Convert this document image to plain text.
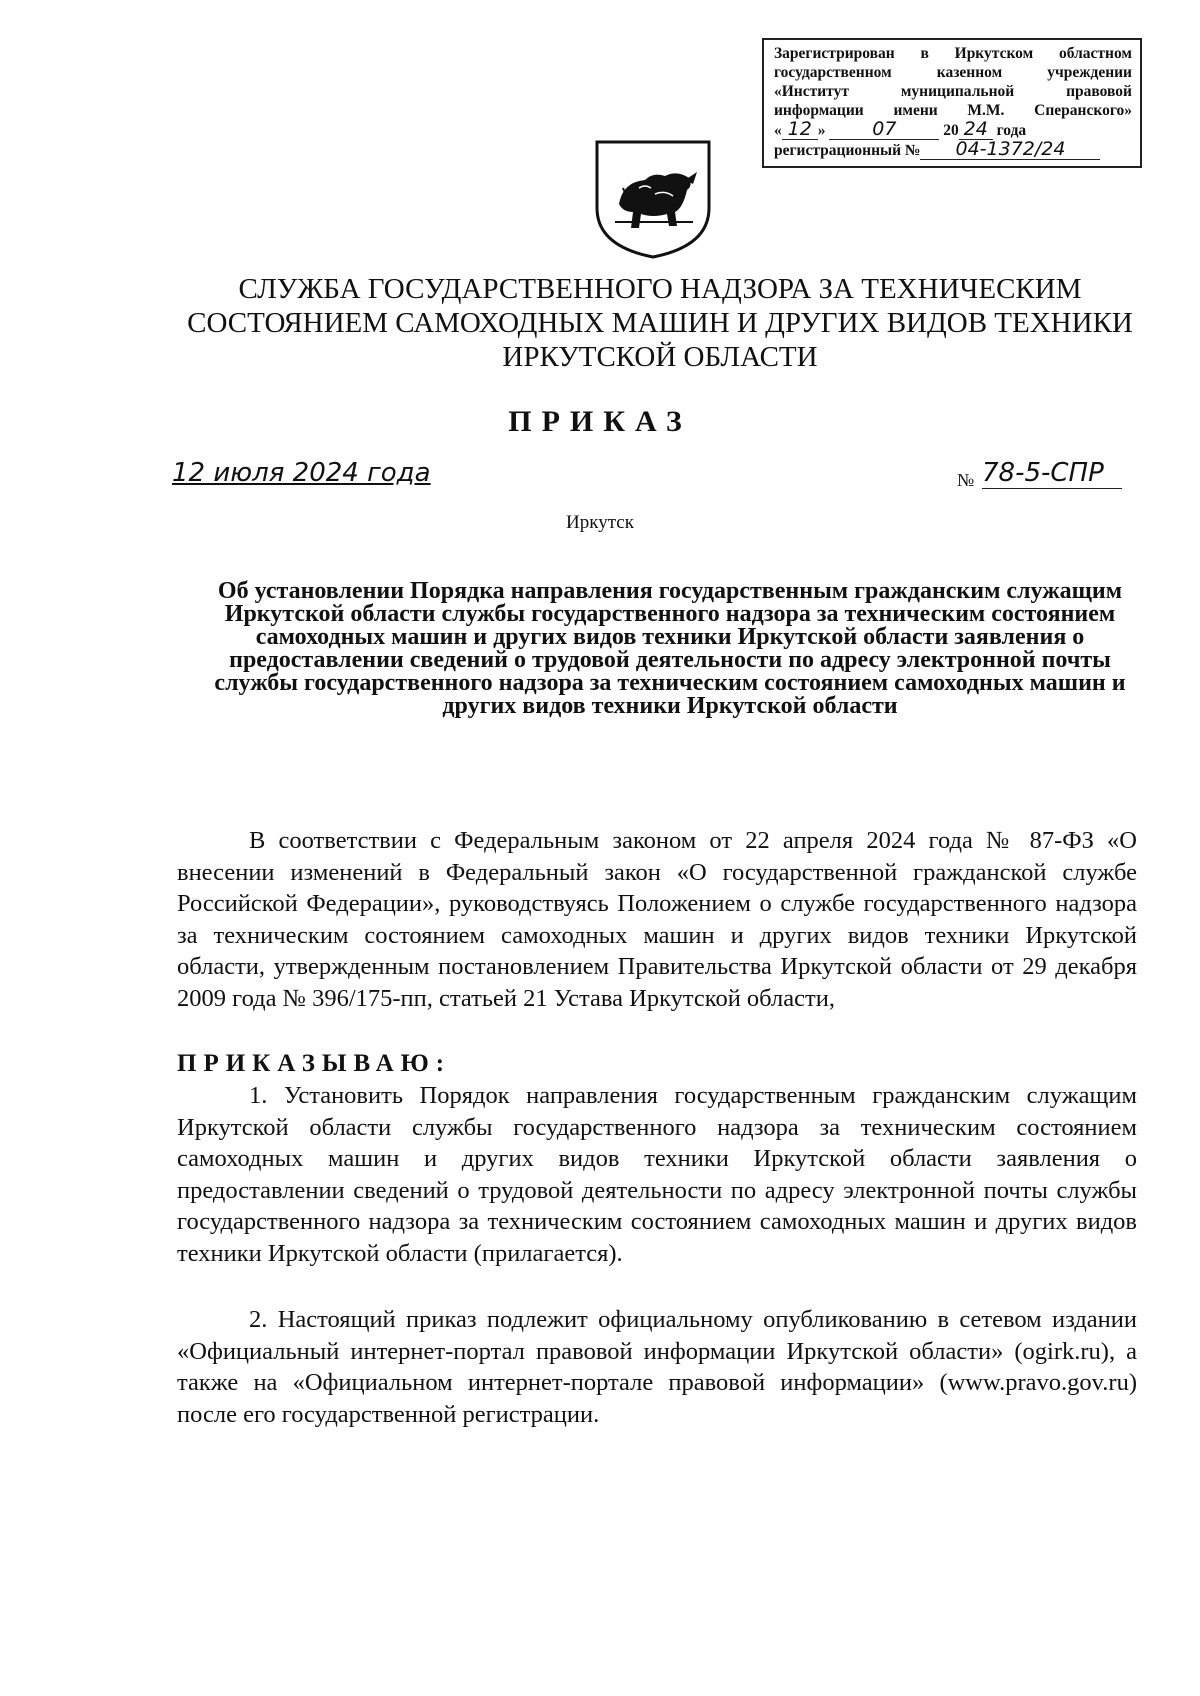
Зарегистрирован в Иркутском областном
государственном казенном учреждении
«Институт муниципальной правовой
информации имени М.М. Сперанского»
« 12 » 07	20 24 года
регистрационный № 04-1372/24
СЛУЖБА ГОСУДАРСТВЕННОГО НАДЗОРА ЗА ТЕХНИЧЕСКИМ
СОСТОЯНИЕМ САМОХОДНЫХ МАШИН И ДРУГИХ ВИДОВ ТЕХНИКИ
ИРКУТСКОЙ ОБЛАСТИ
ПРИКАЗ
12 июля 2024 года	№ 78-5-СПР
Иркутск
Об установлении Порядка направления государственным гражданским служащим Иркутской области службы государственного надзора за техническим состоянием самоходных машин и других видов техники Иркутской области заявления о предоставлении сведений о трудовой деятельности по адресу электронной почты службы государственного надзора за техническим состоянием самоходных машин и других видов техники Иркутской области
В соответствии с Федеральным законом от 22 апреля 2024 года № 87-ФЗ «О внесении изменений в Федеральный закон «О государственной гражданской службе Российской Федерации», руководствуясь Положением о службе государственного надзора за техническим состоянием самоходных машин и других видов техники Иркутской области, утвержденным постановлением Правительства Иркутской области от 29 декабря 2009 года № 396/175-пп, статьей 21 Устава Иркутской области,
ПРИКАЗЫВАЮ:
1. Установить Порядок направления государственным гражданским служащим Иркутской области службы государственного надзора за техническим состоянием самоходных машин и других видов техники Иркутской области заявления о предоставлении сведений о трудовой деятельности по адресу электронной почты службы государственного надзора за техническим состоянием самоходных машин и других видов техники Иркутской области (прилагается).
2. Настоящий приказ подлежит официальному опубликованию в сетевом издании «Официальный интернет-портал правовой информации Иркутской области» (ogirk.ru), а также на «Официальном интернет-портале правовой информации» (www.pravo.gov.ru) после его государственной регистрации.
